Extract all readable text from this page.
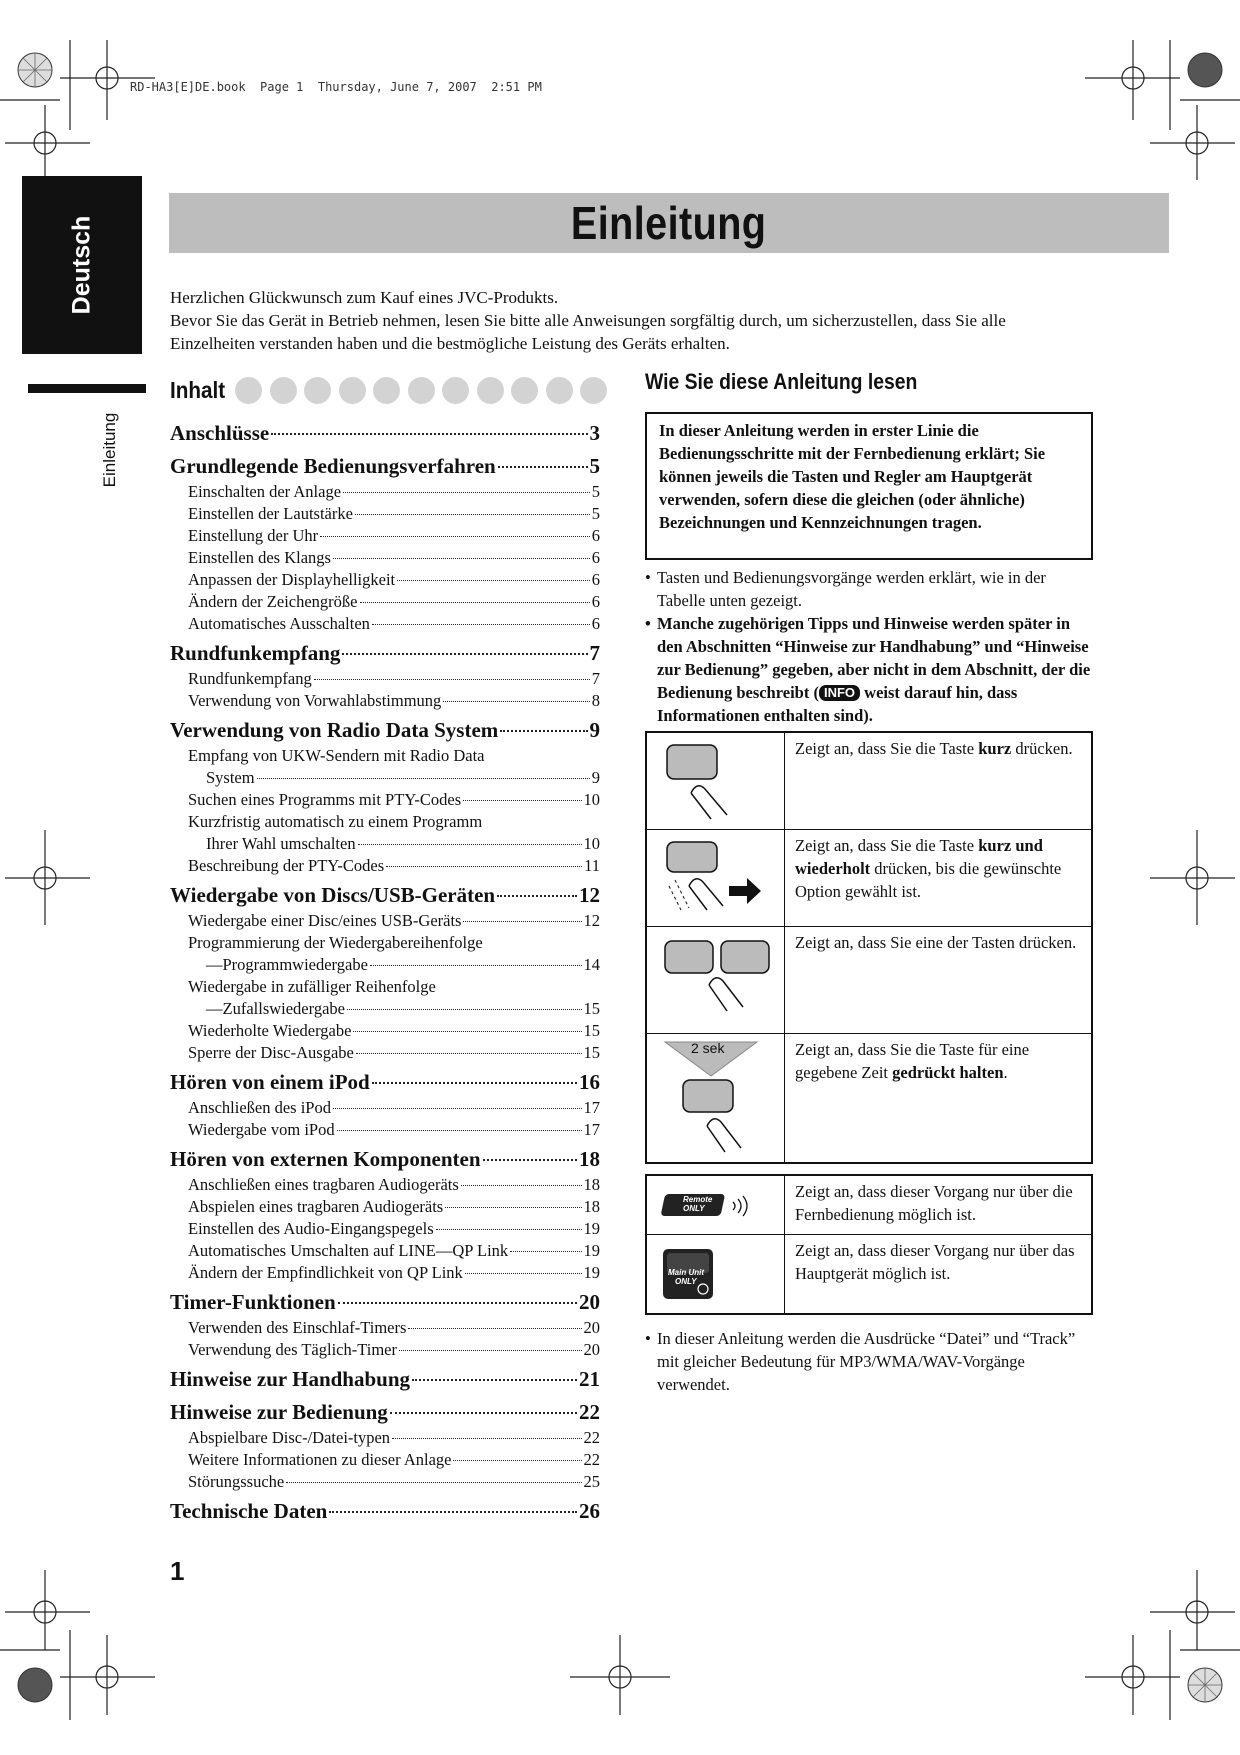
RD-HA3[E]DE.book  Page 1  Thursday, June 7, 2007  2:51 PM
Deutsch
Einleitung
Einleitung

Herzlichen Glückwunsch zum Kauf eines JVC-Produkts.

Bevor Sie das Gerät in Betrieb nehmen, lesen Sie bitte alle Anweisungen sorgfältig durch, um sicherzustellen, dass Sie alle

Einzelheiten verstanden haben und die bestmögliche Leistung des Geräts erhalten.

Inhalt
Anschlüsse	3
Grundlegende Bedienungsverfahren	5
Einschalten der Anlage	5
Einstellen der Lautstärke	5
Einstellung der Uhr	6
Einstellen des Klangs	6
Anpassen der Displayhelligkeit	6
Ändern der Zeichengröße	6
Automatisches Ausschalten	6
Rundfunkempfang	7
Rundfunkempfang	7
Verwendung von Vorwahlabstimmung	8
Verwendung von Radio Data System	9
Empfang von UKW-Sendern mit Radio Data
System	9
Suchen eines Programms mit PTY-Codes	10
Kurzfristig automatisch zu einem Programm
Ihrer Wahl umschalten	10
Beschreibung der PTY-Codes	11
Wiedergabe von Discs/USB-Geräten	12
Wiedergabe einer Disc/eines USB-Geräts	12
Programmierung der Wiedergabereihenfolge
—Programmwiedergabe	14
Wiedergabe in zufälliger Reihenfolge
—Zufallswiedergabe	15
Wiederholte Wiedergabe	15
Sperre der Disc-Ausgabe	15
Hören von einem iPod	16
Anschließen des iPod	17
Wiedergabe vom iPod	17
Hören von externen Komponenten	18
Anschließen eines tragbaren Audiogeräts	18
Abspielen eines tragbaren Audiogeräts	18
Einstellen des Audio-Eingangspegels	19
Automatisches Umschalten auf LINE—QP Link	19
Ändern der Empfindlichkeit von QP Link	19
Timer-Funktionen	20
Verwenden des Einschlaf-Timers	20
Verwendung des Täglich-Timer	20
Hinweise zur Handhabung	21
Hinweise zur Bedienung	22
Abspielbare Disc-/Datei-typen	22
Weitere Informationen zu dieser Anlage	22
Störungssuche	25
Technische Daten	26
Wie Sie diese Anleitung lesen
In dieser Anleitung werden in erster Linie die Bedienungsschritte mit der Fernbedienung erklärt; Sie können jeweils die Tasten und Regler am Hauptgerät verwenden, sofern diese die gleichen (oder ähnliche) Bezeichnungen und Kennzeichnungen tragen.
• Tasten und Bedienungsvorgänge werden erklärt, wie in der Tabelle unten gezeigt.
• Manche zugehörigen Tipps und Hinweise werden später in den Abschnitten “Hinweise zur Handhabung” und “Hinweise zur Bedienung” gegeben, aber nicht in dem Abschnitt, der die Bedienung beschreibt ( INFO weist darauf hin, dass Informationen enthalten sind).
Zeigt an, dass Sie die Taste kurz drücken.
Zeigt an, dass Sie die Taste kurz und wiederholt drücken, bis die gewünschte Option gewählt ist.
Zeigt an, dass Sie eine der Tasten drücken.
2 sek	Zeigt an, dass Sie die Taste für eine gegebene Zeit gedrückt halten.
Remote
ONLY
Zeigt an, dass dieser Vorgang nur über die Fernbedienung möglich ist.
Main Unit
ONLY
Zeigt an, dass dieser Vorgang nur über das Hauptgerät möglich ist.
• In dieser Anleitung werden die Ausdrücke “Datei” und “Track” mit gleicher Bedeutung für MP3/WMA/WAV-Vorgänge verwendet.
1
